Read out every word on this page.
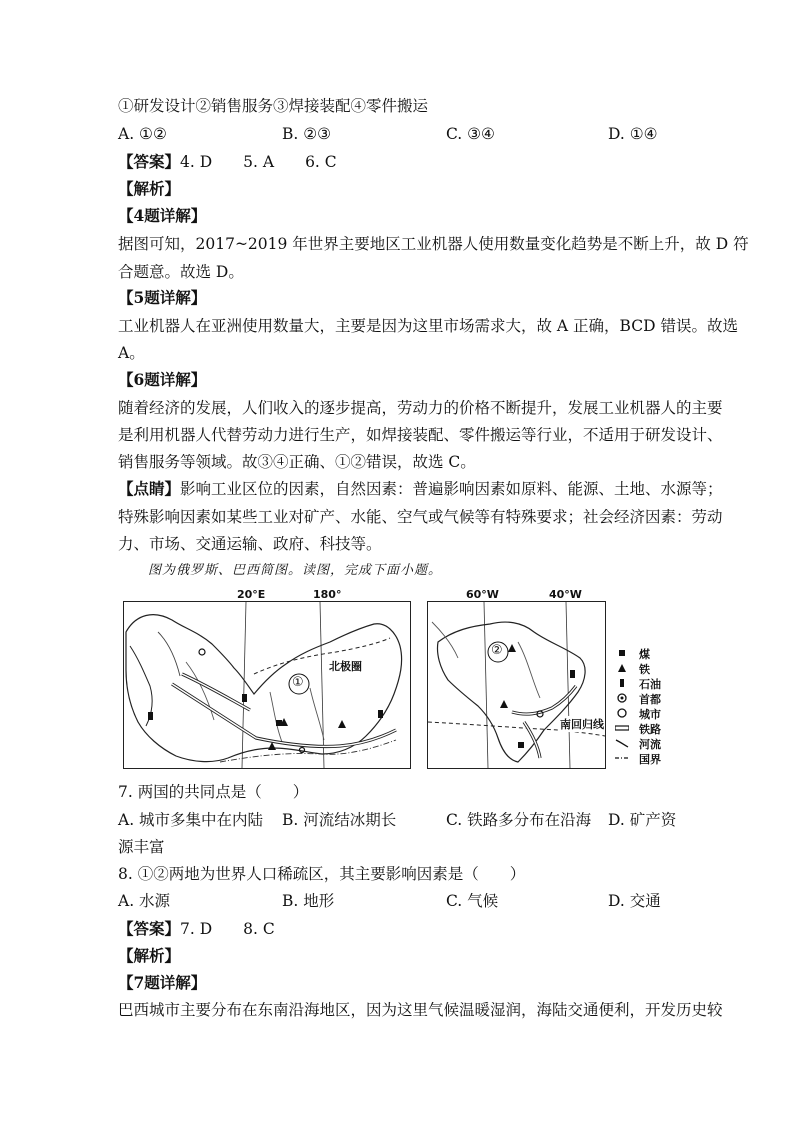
①研发设计②销售服务③焊接装配④零件搬运
A. ①②	B. ②③	C. ③④	D. ①④
【答案】4. D　　5. A　　6. C
【解析】
【4题详解】
据图可知，2017~2019 年世界主要地区工业机器人使用数量变化趋势是不断上升，故 D 符
合题意。故选 D。
【5题详解】
工业机器人在亚洲使用数量大，主要是因为这里市场需求大，故 A 正确，BCD 错误。故选
A。
【6题详解】
随着经济的发展，人们收入的逐步提高，劳动力的价格不断提升，发展工业机器人的主要
是利用机器人代替劳动力进行生产，如焊接装配、零件搬运等行业，不适用于研发设计、
销售服务等领域。故③④正确、①②错误，故选 C。
【点睛】影响工业区位的因素，自然因素：普遍影响因素如原料、能源、土地、水源等；
特殊影响因素如某些工业对矿产、水能、空气或气候等有特殊要求；社会经济因素：劳动
力、市场、交通运输、政府、科技等。
图为俄罗斯、巴西简图。读图，完成下面小题。
20°E	180°	60°W	40°W
北极圈
①
南回归线
②	煤
铁
石油
首都
城市
铁路
河流
国界
7. 两国的共同点是（　　）
A. 城市多集中在内陆 B. 河流结冰期长	C. 铁路多分布在沿海 D. 矿产资
源丰富
8. ①②两地为世界人口稀疏区，其主要影响因素是（　　）
A. 水源	B. 地形	C. 气候	D. 交通
【答案】7. D　　8. C
【解析】
【7题详解】
巴西城市主要分布在东南沿海地区，因为这里气候温暖湿润，海陆交通便利，开发历史较
